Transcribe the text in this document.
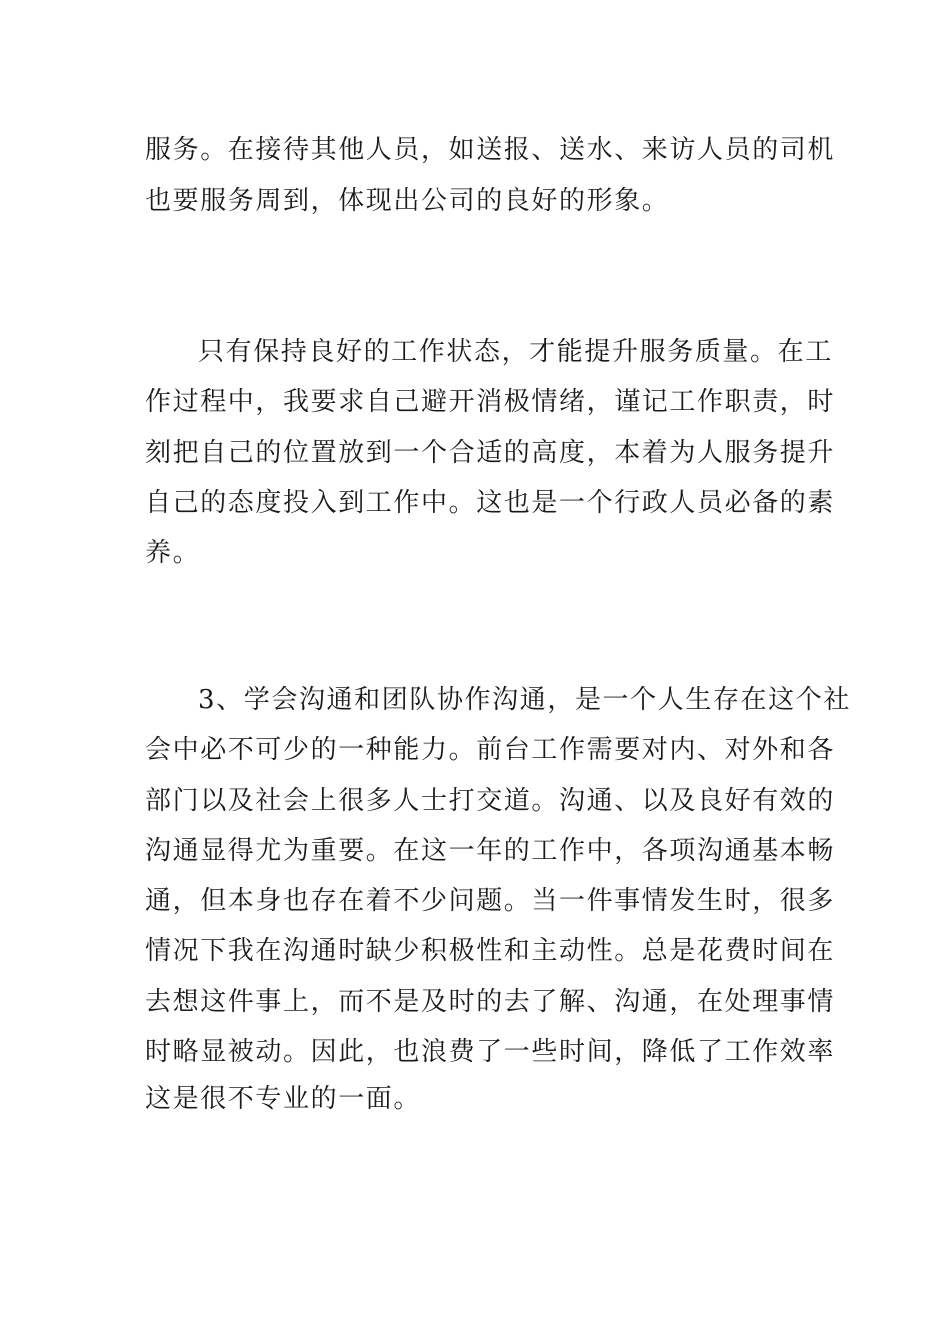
服务。在接待其他人员，如送报、送水、来访人员的司机
也要服务周到，体现出公司的良好的形象。
只有保持良好的工作状态，才能提升服务质量。在工
作过程中，我要求自己避开消极情绪，谨记工作职责，时
刻把自己的位置放到一个合适的高度，本着为人服务提升
自己的态度投入到工作中。这也是一个行政人员必备的素
养。
3、学会沟通和团队协作沟通，是一个人生存在这个社
会中必不可少的一种能力。前台工作需要对内、对外和各
部门以及社会上很多人士打交道。沟通、以及良好有效的
沟通显得尤为重要。在这一年的工作中，各项沟通基本畅
通，但本身也存在着不少问题。当一件事情发生时，很多
情况下我在沟通时缺少积极性和主动性。总是花费时间在
去想这件事上，而不是及时的去了解、沟通，在处理事情
时略显被动。因此，也浪费了一些时间，降低了工作效率
这是很不专业的一面。
